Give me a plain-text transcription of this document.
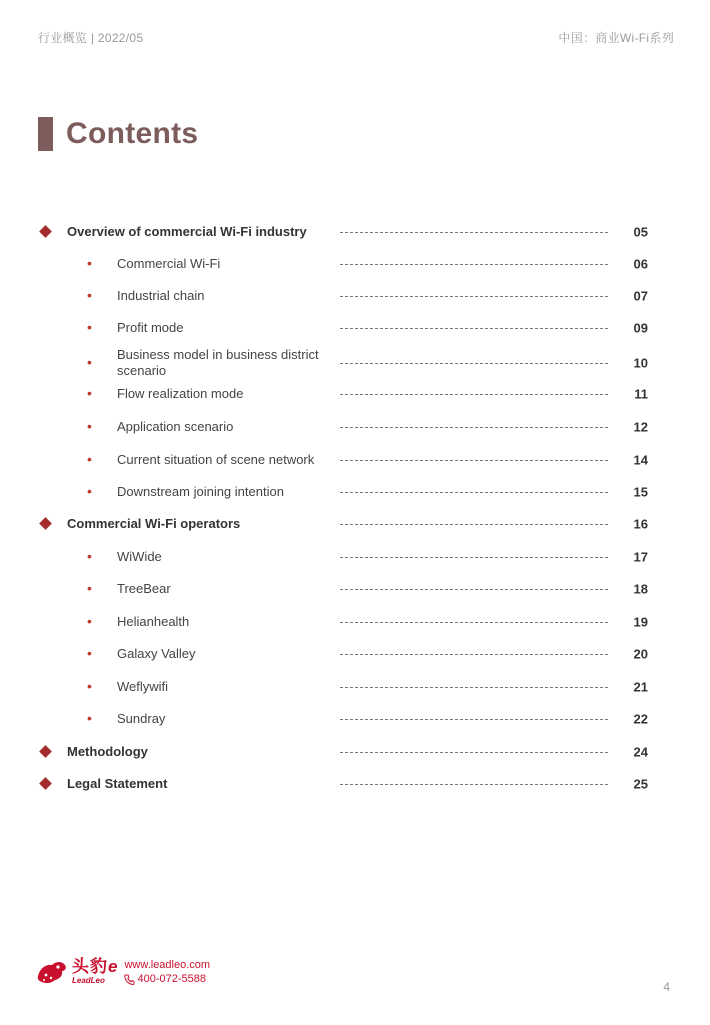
行业概览 | 2022/05	中国：商业Wi-Fi系列
Contents
Overview of commercial Wi-Fi industry	05
• Commercial Wi-Fi	06
• Industrial chain	07
• Profit mode	09
• Business model in business district scenario	10
• Flow realization mode	11
• Application scenario	12
• Current situation of scene network	14
• Downstream joining intention	15
Commercial Wi-Fi operators	16
• WiWide	17
• TreeBear	18
• Helianhealth	19
• Galaxy Valley	20
• Weflywifi	21
• Sundray	22
Methodology	24
Legal Statement	25
头豹e
LeadLeo
www.leadleo.com
400-072-5588
4
